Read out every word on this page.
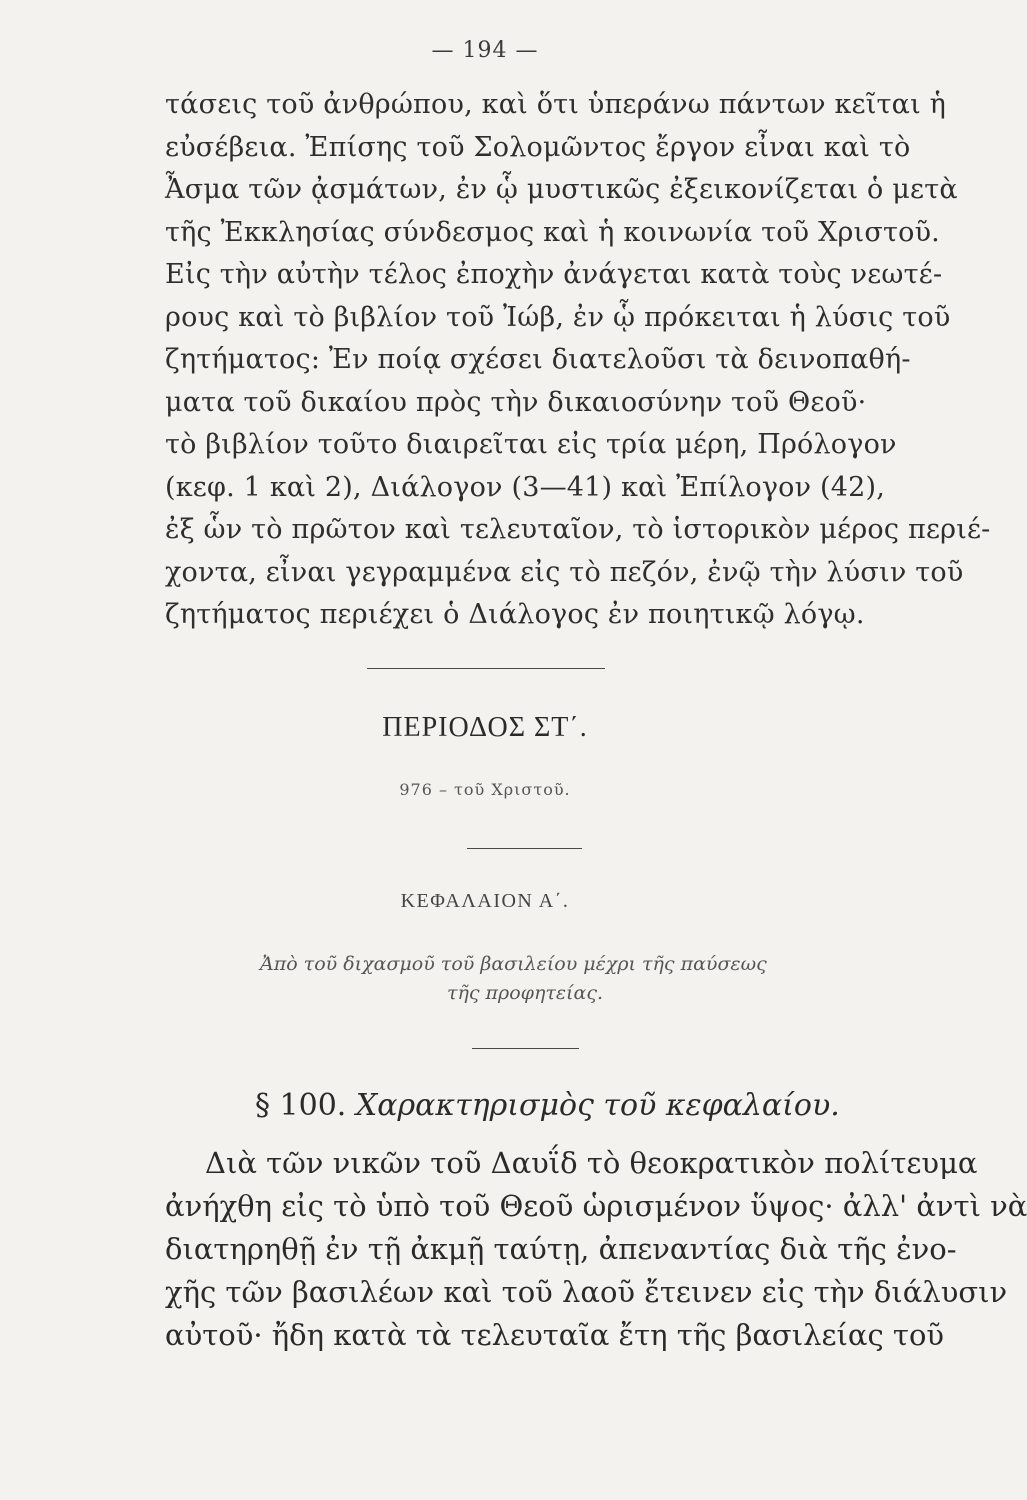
— 194 —
τάσεις τοῦ ἀνθρώπου, καὶ ὅτι ὑπεράνω πάντων κεῖται ἡ
εὐσέβεια. Ἐπίσης τοῦ Σολομῶντος ἔργον εἶναι καὶ τὸ
Ἆσμα τῶν ᾀσμάτων, ἐν ᾧ μυστικῶς ἐξεικονίζεται ὁ μετὰ
τῆς Ἐκκλησίας σύνδεσμος καὶ ἡ κοινωνία τοῦ Χριστοῦ.
Εἰς τὴν αὐτὴν τέλος ἐποχὴν ἀνάγεται κατὰ τοὺς νεωτέ-
ρους καὶ τὸ βιβλίον τοῦ Ἰώβ, ἐν ᾧ πρόκειται ἡ λύσις τοῦ
ζητήματος: Ἐν ποίᾳ σχέσει διατελοῦσι τὰ δεινοπαθή-
ματα τοῦ δικαίου πρὸς τὴν δικαιοσύνην τοῦ Θεοῦ·
τὸ βιβλίον τοῦτο διαιρεῖται εἰς τρία μέρη, Πρόλογον
(κεφ. 1 καὶ 2), Διάλογον (3—41) καὶ Ἐπίλογον (42),
ἐξ ὧν τὸ πρῶτον καὶ τελευταῖον, τὸ ἱστορικὸν μέρος περιέ-
χοντα, εἶναι γεγραμμένα εἰς τὸ πεζόν, ἐνῷ τὴν λύσιν τοῦ
ζητήματος περιέχει ὁ Διάλογος ἐν ποιητικῷ λόγῳ.
ΠΕΡΙΟΔΟΣ ΣΤ΄.
976 – τοῦ Χριστοῦ.
ΚΕΦΑΛΑΙΟΝ Α΄.
Ἀπὸ τοῦ διχασμοῦ τοῦ βασιλείου μέχρι τῆς παύσεως
τῆς προφητείας.
§ 100. Χαρακτηρισμὸς τοῦ κεφαλαίου.
Διὰ τῶν νικῶν τοῦ Δαυΐδ τὸ θεοκρατικὸν πολίτευμα
ἀνήχθη εἰς τὸ ὑπὸ τοῦ Θεοῦ ὡρισμένον ὕψος· ἀλλ' ἀντὶ νὰ
διατηρηθῇ ἐν τῇ ἀκμῇ ταύτῃ, ἀπεναντίας διὰ τῆς ἐνο-
χῆς τῶν βασιλέων καὶ τοῦ λαοῦ ἔτεινεν εἰς τὴν διάλυσιν
αὐτοῦ· ἤδη κατὰ τὰ τελευταῖα ἔτη τῆς βασιλείας τοῦ
